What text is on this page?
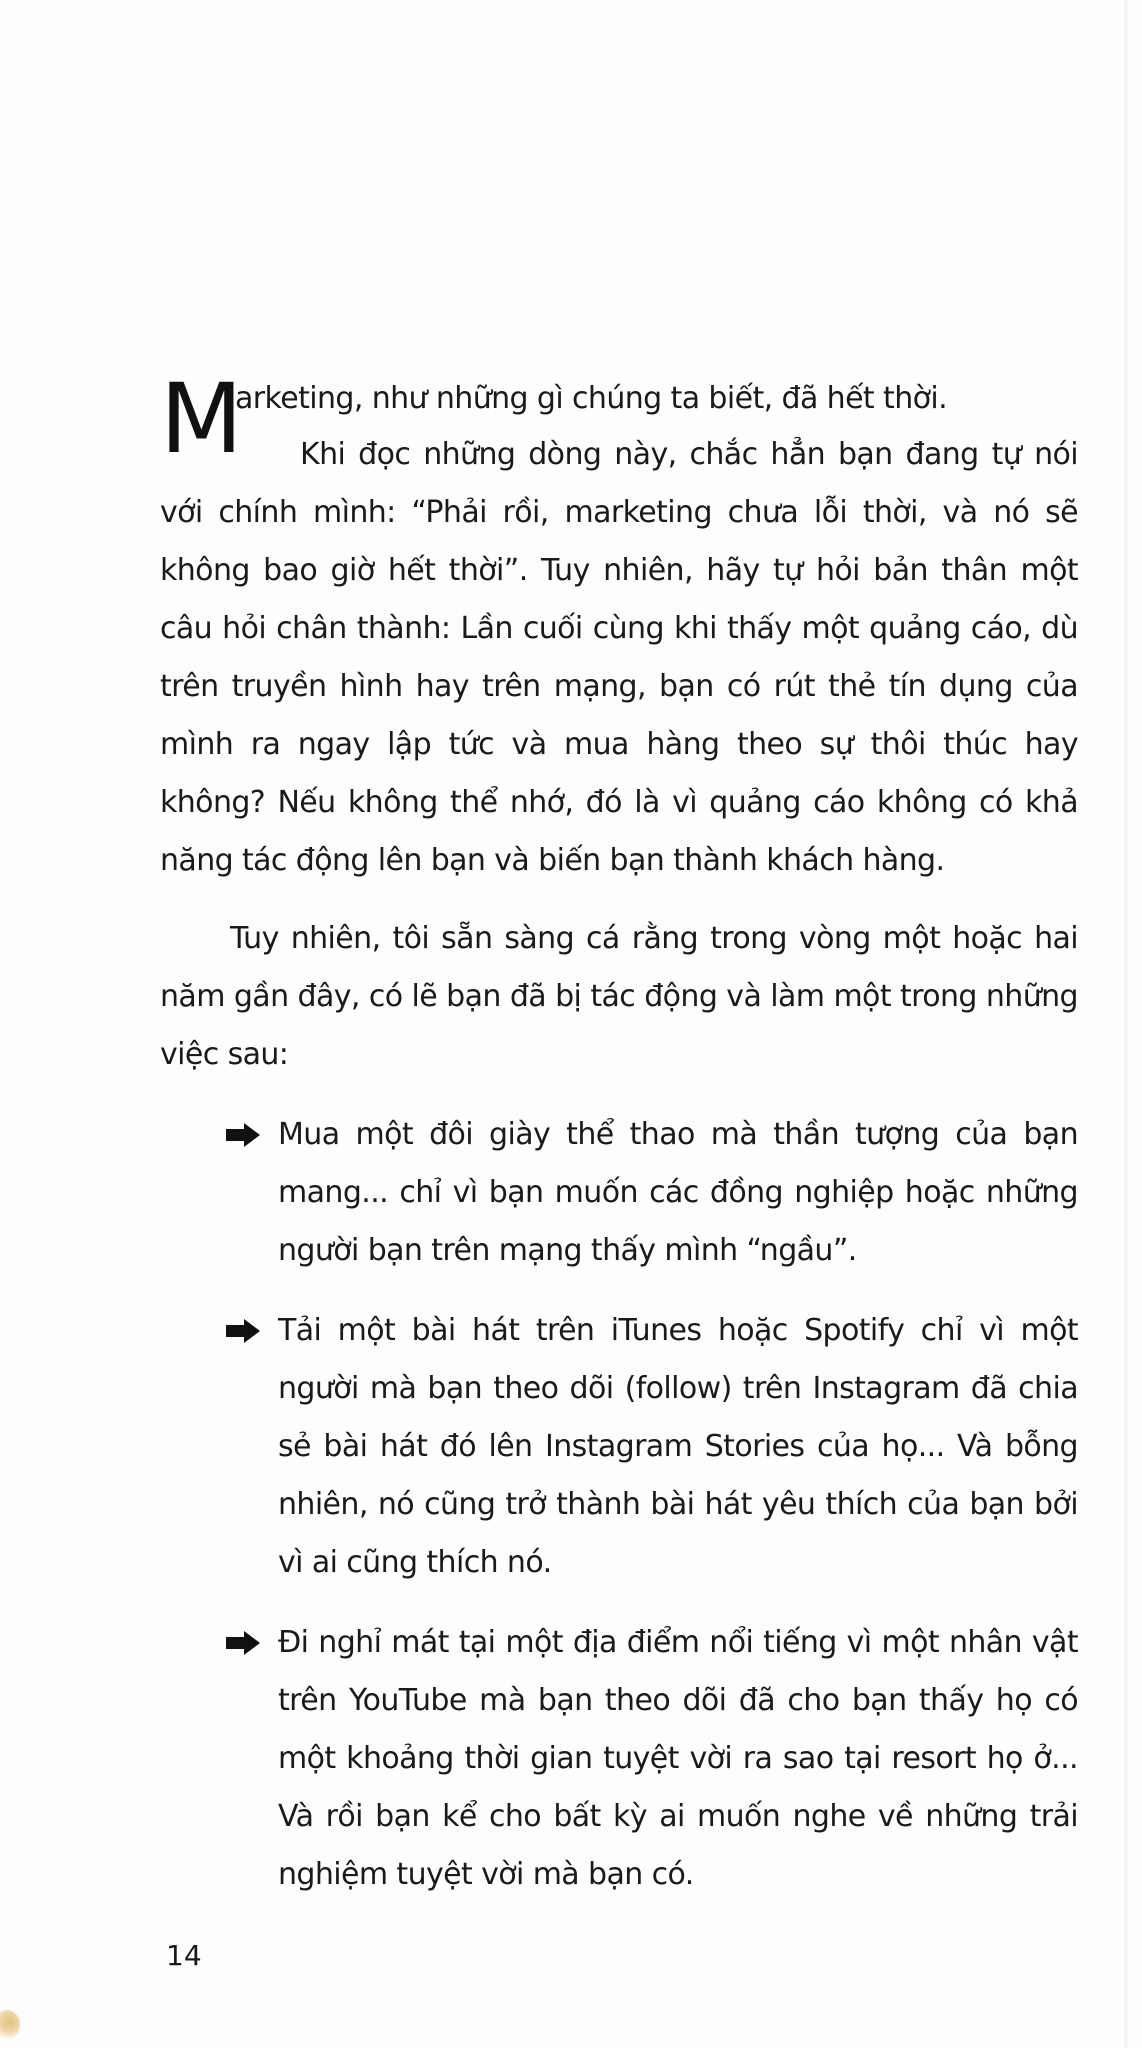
M
arketing, như những gì chúng ta biết, đã hết thời.

Khi đọc những dòng này, chắc hẳn bạn đang tự nói với chính mình: “Phải rồi, marketing chưa lỗi thời, và nó sẽ không bao giờ hết thời”. Tuy nhiên, hãy tự hỏi bản thân một câu hỏi chân thành: Lần cuối cùng khi thấy một quảng cáo, dù trên truyền hình hay trên mạng, bạn có rút thẻ tín dụng của mình ra ngay lập tức và mua hàng theo sự thôi thúc hay không? Nếu không thể nhớ, đó là vì quảng cáo không có khả năng tác động lên bạn và biến bạn thành khách hàng.

Tuy nhiên, tôi sẵn sàng cá rằng trong vòng một hoặc hai năm gần đây, có lẽ bạn đã bị tác động và làm một trong những việc sau:

Mua một đôi giày thể thao mà thần tượng của bạn mang... chỉ vì bạn muốn các đồng nghiệp hoặc những người bạn trên mạng thấy mình “ngầu”.

Tải một bài hát trên iTunes hoặc Spotify chỉ vì một người mà bạn theo dõi (follow) trên Instagram đã chia sẻ bài hát đó lên Instagram Stories của họ... Và bỗng nhiên, nó cũng trở thành bài hát yêu thích của bạn bởi vì ai cũng thích nó.

Đi nghỉ mát tại một địa điểm nổi tiếng vì một nhân vật trên YouTube mà bạn theo dõi đã cho bạn thấy họ có một khoảng thời gian tuyệt vời ra sao tại resort họ ở... Và rồi bạn kể cho bất kỳ ai muốn nghe về những trải nghiệm tuyệt vời mà bạn có.

14
